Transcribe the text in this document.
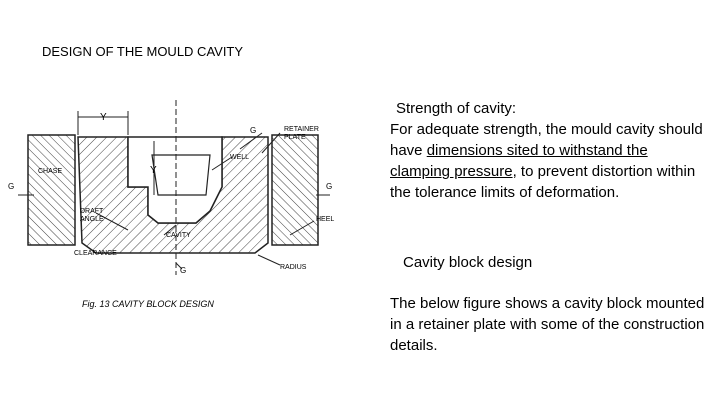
DESIGN OF THE MOULD CAVITY
Y
Y
G	RETAINER
PLATE
WELL
CHASE
G	G
DRAFT
ANGLE
CAVITY
HEEL
CLEARANCE
RADIUS
G
Fig. 13 CAVITY BLOCK DESIGN
Strength of cavity:
For adequate strength, the mould cavity should have dimensions sited to withstand the clamping pressure, to prevent distortion within the tolerance limits of deformation.
Cavity block design
The below figure shows a cavity block mounted in a retainer plate with some of the construction details.
